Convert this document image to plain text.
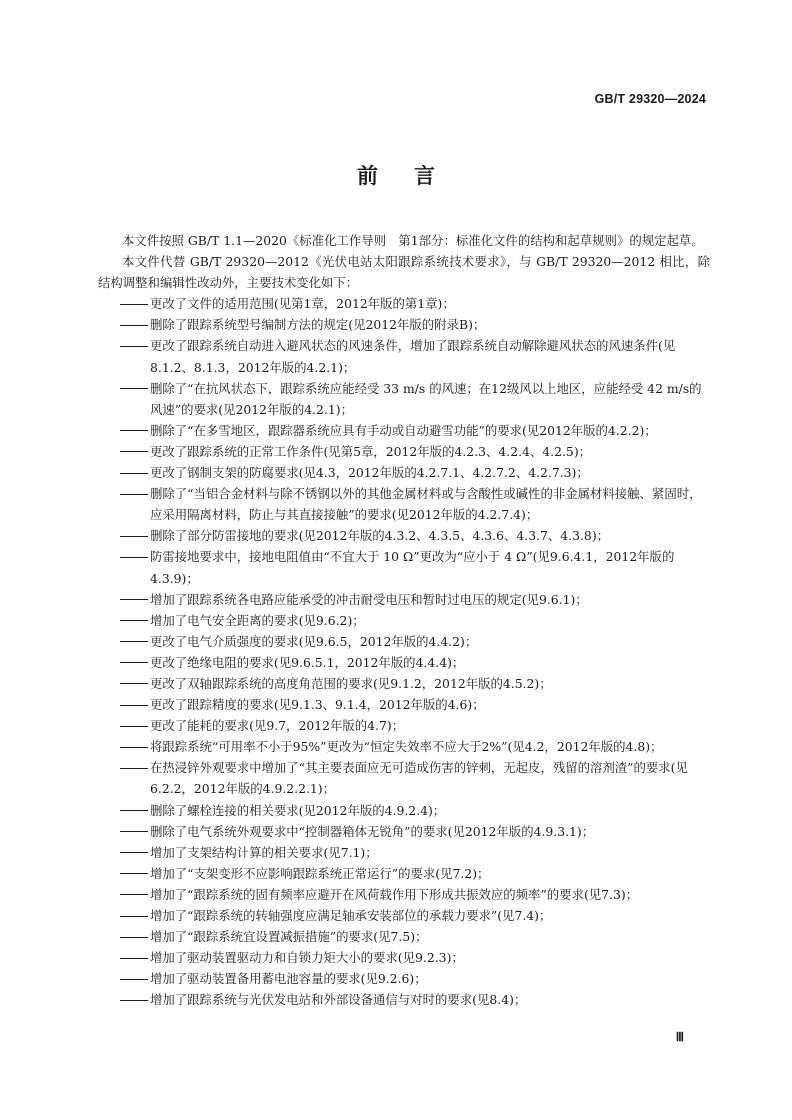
GB/T 29320—2024
前言

本文件按照 GB/T 1.1—2020《标准化工作导则　第1部分：标准化文件的结构和起草规则》的规定起草。

本文件代替 GB/T 29320—2012《光伏电站太阳跟踪系统技术要求》，与 GB/T 29320—2012 相比，除结构调整和编辑性改动外，主要技术变化如下：

更改了文件的适用范围(见第1章，2012年版的第1章)；
删除了跟踪系统型号编制方法的规定(见2012年版的附录B)；
更改了跟踪系统自动进入避风状态的风速条件，增加了跟踪系统自动解除避风状态的风速条件(见8.1.2、8.1.3，2012年版的4.2.1)；
删除了“在抗风状态下，跟踪系统应能经受 33 m/s 的风速；在12级风以上地区，应能经受 42 m/s的风速”的要求(见2012年版的4.2.1)；
删除了“在多雪地区，跟踪器系统应具有手动或自动避雪功能”的要求(见2012年版的4.2.2)；
更改了跟踪系统的正常工作条件(见第5章，2012年版的4.2.3、4.2.4、4.2.5)；
更改了钢制支架的防腐要求(见4.3，2012年版的4.2.7.1、4.2.7.2、4.2.7.3)；
删除了“当铝合金材料与除不锈钢以外的其他金属材料或与含酸性或碱性的非金属材料接触、紧固时，应采用隔离材料，防止与其直接接触”的要求(见2012年版的4.2.7.4)；
删除了部分防雷接地的要求(见2012年版的4.3.2、4.3.5、4.3.6、4.3.7、4.3.8)；
防雷接地要求中，接地电阻值由“不宜大于 10 Ω”更改为“应小于 4 Ω”(见9.6.4.1，2012年版的4.3.9)；
增加了跟踪系统各电路应能承受的冲击耐受电压和暂时过电压的规定(见9.6.1)；
增加了电气安全距离的要求(见9.6.2)；
更改了电气介质强度的要求(见9.6.5，2012年版的4.4.2)；
更改了绝缘电阻的要求(见9.6.5.1，2012年版的4.4.4)；
更改了双轴跟踪系统的高度角范围的要求(见9.1.2，2012年版的4.5.2)；
更改了跟踪精度的要求(见9.1.3、9.1.4，2012年版的4.6)；
更改了能耗的要求(见9.7，2012年版的4.7)；
将跟踪系统“可用率不小于95%”更改为“恒定失效率不应大于2%”(见4.2，2012年版的4.8)；
在热浸锌外观要求中增加了“其主要表面应无可造成伤害的锌刺，无起皮，残留的溶剂渣”的要求(见6.2.2，2012年版的4.9.2.2.1)；
删除了螺栓连接的相关要求(见2012年版的4.9.2.4)；
删除了电气系统外观要求中“控制器箱体无锐角”的要求(见2012年版的4.9.3.1)；
增加了支架结构计算的相关要求(见7.1)；
增加了“支架变形不应影响跟踪系统正常运行”的要求(见7.2)；
增加了“跟踪系统的固有频率应避开在风荷载作用下形成共振效应的频率”的要求(见7.3)；
增加了“跟踪系统的转轴强度应满足轴承安装部位的承载力要求”(见7.4)；
增加了“跟踪系统宜设置减振措施”的要求(见7.5)；
增加了驱动装置驱动力和自锁力矩大小的要求(见9.2.3)；
增加了驱动装置备用蓄电池容量的要求(见9.2.6)；
增加了跟踪系统与光伏发电站和外部设备通信与对时的要求(见8.4)；
Ⅲ
